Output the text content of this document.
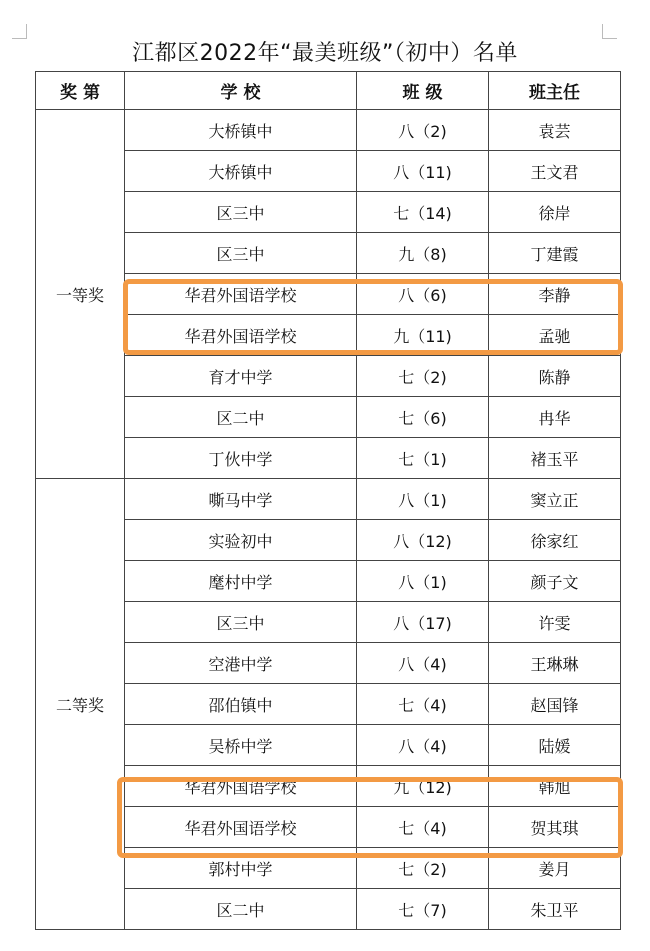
江都区2022年“最美班级”（初中）名单
奖 第	学 校	班 级	班主任
一等奖	大桥镇中	八（2)	袁芸
	大桥镇中	八（11)	王文君
	区三中	七（14)	徐岸
	区三中	九（8)	丁建霞
	华君外国语学校	八（6)	李静
	华君外国语学校	九（11)	孟驰
	育才中学	七（2)	陈静
	区二中	七（6)	冉华
	丁伙中学	七（1)	褚玉平
二等奖	嘶马中学	八（1)	窦立正
	实验初中	八（12)	徐家红
	麾村中学	八（1)	颜子文
	区三中	八（17)	许雯
	空港中学	八（4)	王琳琳
	邵伯镇中	七（4)	赵国锋
	吴桥中学	八（4)	陆媛
	华君外国语学校	九（12)	韩旭
	华君外国语学校	七（4)	贺其琪
	郭村中学	七（2)	姜月
	区二中	七（7)	朱卫平
